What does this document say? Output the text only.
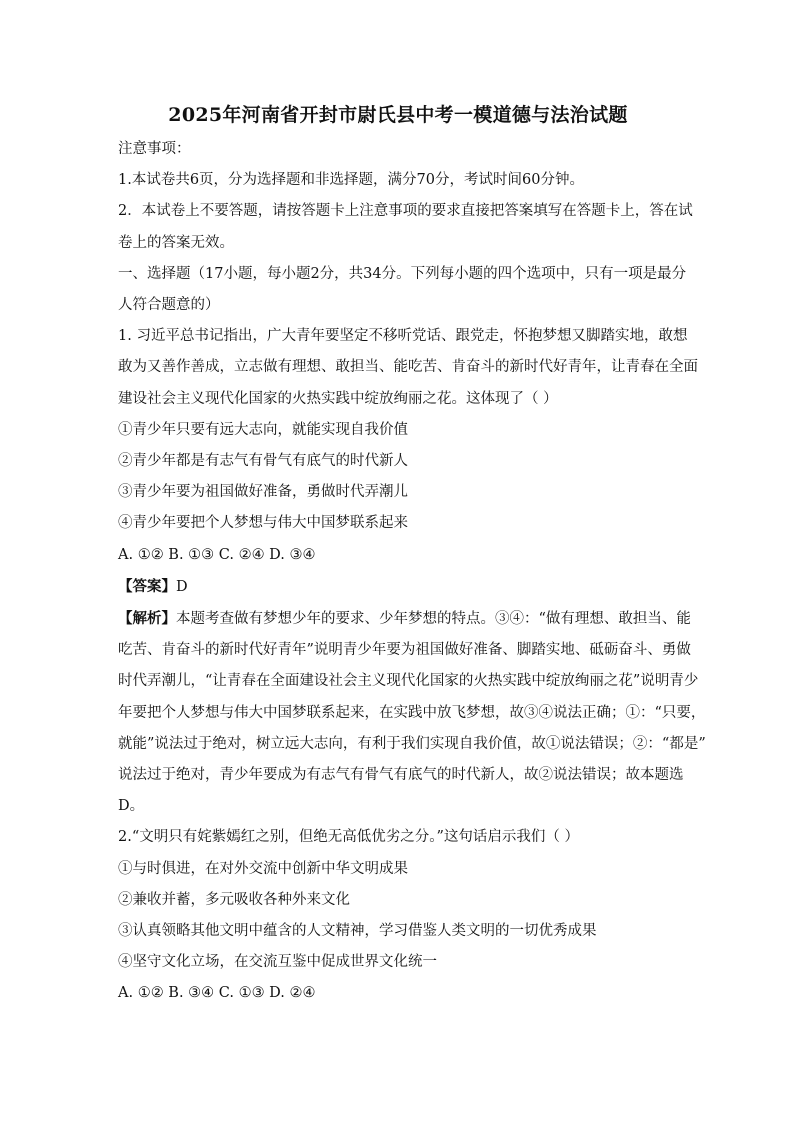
2025年河南省开封市尉氏县中考一模道德与法治试题

注意事项：

1.本试卷共6页，分为选择题和非选择题，满分70分，考试时间60分钟。

2．本试卷上不要答题，请按答题卡上注意事项的要求直接把答案填写在答题卡上，答在试

卷上的答案无效。

一、选择题（17小题，每小题2分，共34分。下列每小题的四个选项中，只有一项是最分

人符合题意的）

1. 习近平总书记指出，广大青年要坚定不移听党话、跟党走，怀抱梦想又脚踏实地，敢想

敢为又善作善成，立志做有理想、敢担当、能吃苦、肯奋斗的新时代好青年，让青春在全面

建设社会主义现代化国家的火热实践中绽放绚丽之花。这体现了（ ）

①青少年只要有远大志向，就能实现自我价值

②青少年都是有志气有骨气有底气的时代新人

③青少年要为祖国做好准备，勇做时代弄潮儿

④青少年要把个人梦想与伟大中国梦联系起来

A. ①② B. ①③ C. ②④ D. ③④

【答案】D

【解析】本题考查做有梦想少年的要求、少年梦想的特点。③④：“做有理想、敢担当、能

吃苦、肯奋斗的新时代好青年”说明青少年要为祖国做好准备、脚踏实地、砥砺奋斗、勇做

时代弄潮儿，“让青春在全面建设社会主义现代化国家的火热实践中绽放绚丽之花”说明青少

年要把个人梦想与伟大中国梦联系起来，在实践中放飞梦想，故③④说法正确；①：“只要，

就能”说法过于绝对，树立远大志向，有利于我们实现自我价值，故①说法错误；②：“都是”

说法过于绝对，青少年要成为有志气有骨气有底气的时代新人，故②说法错误；故本题选

D。

2.“文明只有姹紫嫣红之别，但绝无高低优劣之分。”这句话启示我们（ ）

①与时俱进，在对外交流中创新中华文明成果

②兼收并蓄，多元吸收各种外来文化

③认真领略其他文明中蕴含的人文精神，学习借鉴人类文明的一切优秀成果

④坚守文化立场，在交流互鉴中促成世界文化统一

A. ①② B. ③④ C. ①③ D. ②④
